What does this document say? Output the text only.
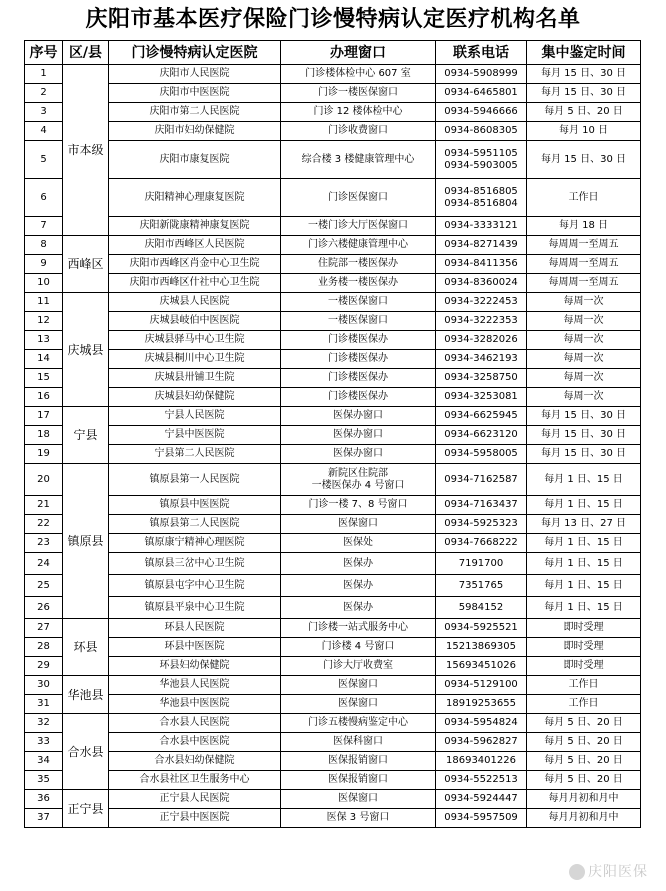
庆阳市基本医疗保险门诊慢特病认定医疗机构名单
序号	区/县	门诊慢特病认定医院	办理窗口	联系电话	集中鉴定时间
1	市本级	庆阳市人民医院	门诊楼体检中心 607 室	0934-5908999	每月 15 日、30 日
2		庆阳市中医医院	门诊一楼医保窗口	0934-6465801	每月 15 日、30 日
3		庆阳市第二人民医院	门诊 12 楼体检中心	0934-5946666	每月 5 日、20 日
4		庆阳市妇幼保健院	门诊收费窗口	0934-8608305	每月 10 日
5		庆阳市康复医院	综合楼 3 楼健康管理中心	0934-5951105
0934-5903005	每月 15 日、30 日
6		庆阳精神心理康复医院	门诊医保窗口	0934-8516805
0934-8516804	工作日
7		庆阳新陇康精神康复医院	一楼门诊大厅医保窗口	0934-3333121	每月 18 日
8	西峰区	庆阳市西峰区人民医院	门诊六楼健康管理中心	0934-8271439	每周周一至周五
9		庆阳市西峰区肖金中心卫生院	住院部一楼医保办	0934-8411356	每周周一至周五
10		庆阳市西峰区什社中心卫生院	业务楼一楼医保办	0934-8360024	每周周一至周五
11	庆城县	庆城县人民医院	一楼医保窗口	0934-3222453	每周一次
12		庆城县岐伯中医医院	一楼医保窗口	0934-3222353	每周一次
13		庆城县驿马中心卫生院	门诊楼医保办	0934-3282026	每周一次
14		庆城县桐川中心卫生院	门诊楼医保办	0934-3462193	每周一次
15		庆城县卅铺卫生院	门诊楼医保办	0934-3258750	每周一次
16		庆城县妇幼保健院	门诊楼医保办	0934-3253081	每周一次
17	宁县	宁县人民医院	医保办窗口	0934-6625945	每月 15 日、30 日
18		宁县中医医院	医保办窗口	0934-6623120	每月 15 日、30 日
19		宁县第二人民医院	医保办窗口	0934-5958005	每月 15 日、30 日
20	镇原县	镇原县第一人民医院	新院区住院部
一楼医保办 4 号窗口	0934-7162587	每月 1 日、15 日
21		镇原县中医医院	门诊一楼 7、8 号窗口	0934-7163437	每月 1 日、15 日
22		镇原县第二人民医院	医保窗口	0934-5925323	每月 13 日、27 日
23		镇原康宁精神心理医院	医保处	0934-7668222	每月 1 日、15 日
24		镇原县三岔中心卫生院	医保办	7191700	每月 1 日、15 日
25		镇原县屯字中心卫生院	医保办	7351765	每月 1 日、15 日
26		镇原县平泉中心卫生院	医保办	5984152	每月 1 日、15 日
27	环县	环县人民医院	门诊楼一站式服务中心	0934-5925521	即时受理
28		环县中医医院	门诊楼 4 号窗口	15213869305	即时受理
29		环县妇幼保健院	门诊大厅收费室	15693451026	即时受理
30	华池县	华池县人民医院	医保窗口	0934-5129100	工作日
31		华池县中医医院	医保窗口	18919253655	工作日
32	合水县	合水县人民医院	门诊五楼慢病鉴定中心	0934-5954824	每月 5 日、20 日
33		合水县中医医院	医保科窗口	0934-5962827	每月 5 日、20 日
34		合水县妇幼保健院	医保报销窗口	18693401226	每月 5 日、20 日
35		合水县社区卫生服务中心	医保报销窗口	0934-5522513	每月 5 日、20 日
36	正宁县	正宁县人民医院	医保窗口	0934-5924447	每月月初和月中
37		正宁县中医医院	医保 3 号窗口	0934-5957509	每月月初和月中
庆阳医保
